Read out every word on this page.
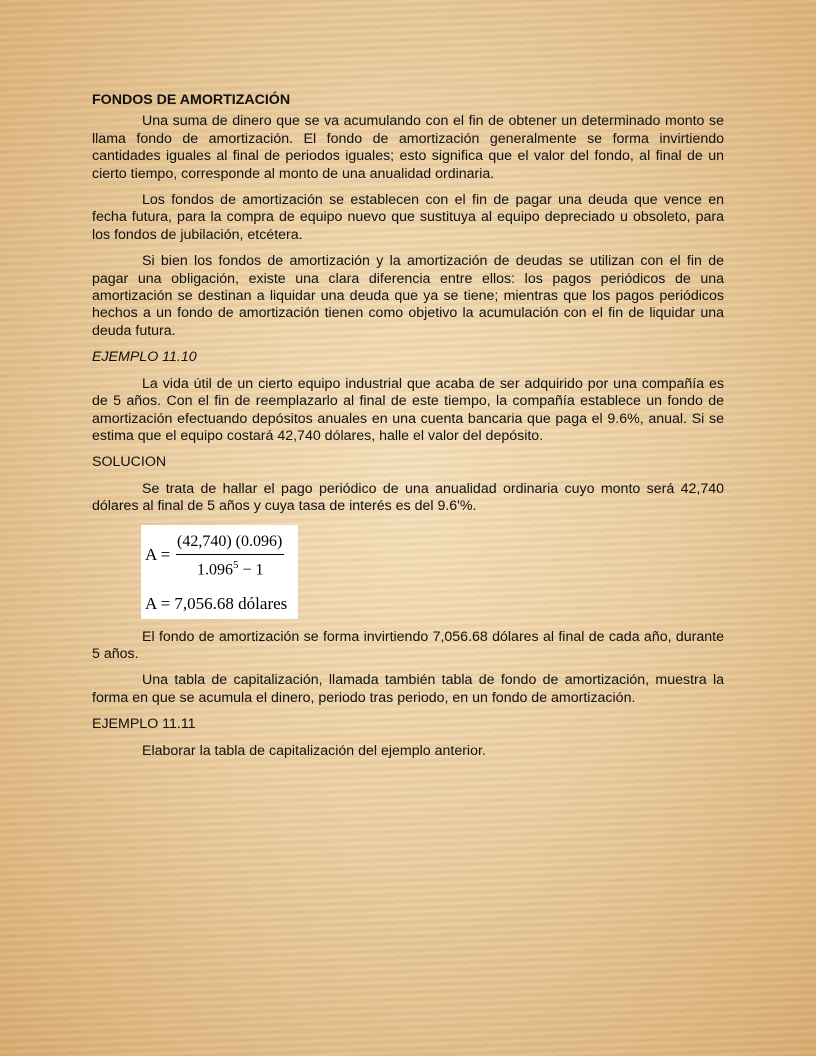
FONDOS DE AMORTIZACIÓN

Una suma de dinero que se va acumulando con el fin de obtener un determinado monto se llama fondo de amortización. El fondo de amortización generalmente se forma invirtiendo cantidades iguales al final de periodos iguales; esto significa que el valor del fondo, al final de un cierto tiempo, corresponde al monto de una anualidad ordinaria.

Los fondos de amortización se establecen con el fin de pagar una deuda que vence en fecha futura, para la compra de equipo nuevo que sustituya al equipo depreciado u obsoleto, para los fondos de jubilación, etcétera.

Si bien los fondos de amortización y la amortización de deudas se utilizan con el fin de pagar una obligación, existe una clara diferencia entre ellos: los pagos periódicos de una amortización se destinan a liquidar una deuda que ya se tiene; mientras que los pagos periódicos hechos a un fondo de amortización tienen como objetivo la acumulación con el fin de liquidar una deuda futura.

EJEMPLO 11.10

La vida útil de un cierto equipo industrial que acaba de ser adquirido por una compañía es de 5 años. Con el fin de reemplazarlo al final de este tiempo, la compañía establece un fondo de amortización efectuando depósitos anuales en una cuenta bancaria que paga el 9.6%, anual. Si se estima que el equipo costará 42,740 dólares, halle el valor del depósito.

SOLUCION

Se trata de hallar el pago periódico de una anualidad ordinaria cuyo monto será 42,740 dólares al final de 5 años y cuya tasa de interés es del 9.6'%.

A =
(42,740) (0.096)
$1.096^5 - 1$
A = 7,056.68 dólares

El fondo de amortización se forma invirtiendo 7,056.68 dólares al final de cada año, durante 5 años.

Una tabla de capitalización, llamada también tabla de fondo de amortización, muestra la forma en que se acumula el dinero, periodo tras periodo, en un fondo de amortización.

EJEMPLO 11.11

Elaborar la tabla de capitalización del ejemplo anterior.
